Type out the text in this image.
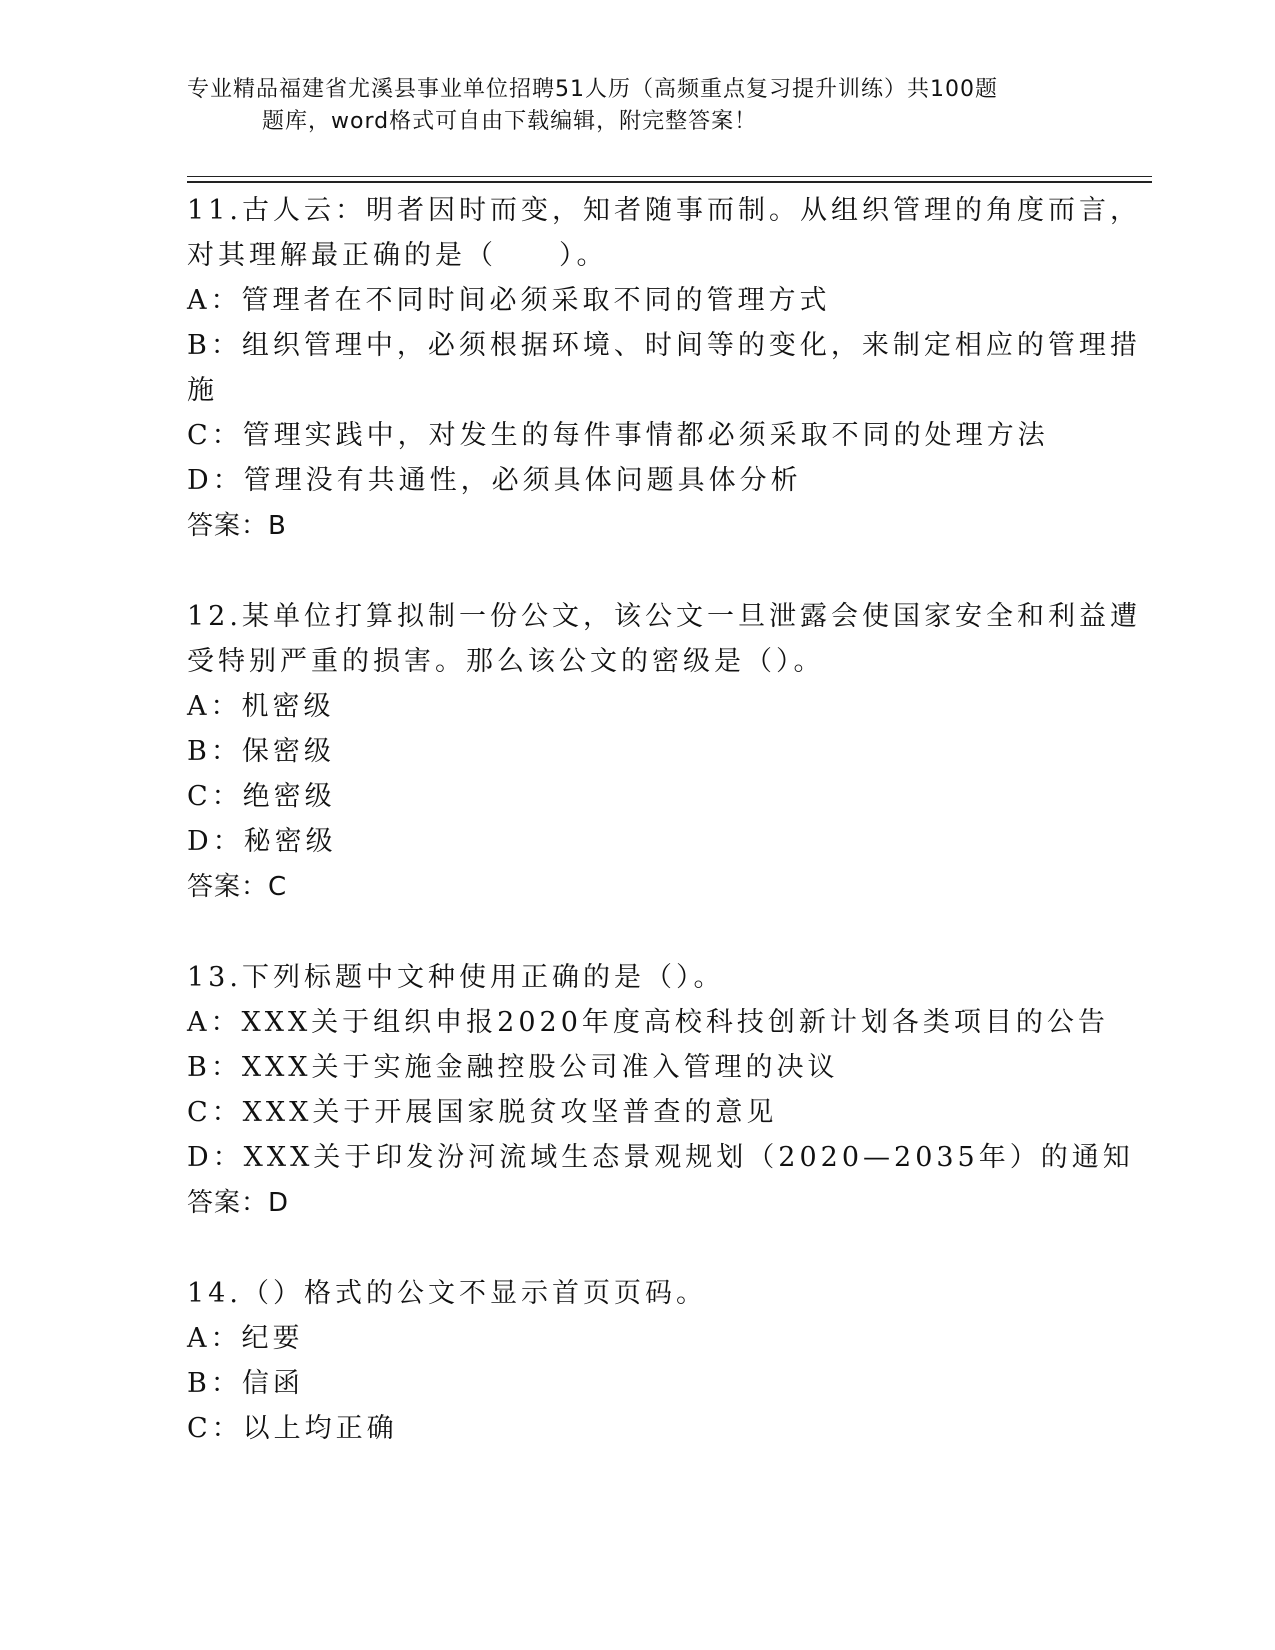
专业精品福建省尤溪县事业单位招聘51人历（高频重点复习提升训练）共100题
题库，word格式可自由下载编辑，附完整答案！
11.古人云：明者因时而变，知者随事而制。从组织管理的角度而言，
对其理解最正确的是（　　）。
A：管理者在不同时间必须采取不同的管理方式
B：组织管理中，必须根据环境、时间等的变化，来制定相应的管理措
施
C：管理实践中，对发生的每件事情都必须采取不同的处理方法
D：管理没有共通性，必须具体问题具体分析
答案：B
12.某单位打算拟制一份公文，该公文一旦泄露会使国家安全和利益遭
受特别严重的损害。那么该公文的密级是（）。
A：机密级
B：保密级
C：绝密级
D：秘密级
答案：C
13.下列标题中文种使用正确的是（）。
A：XXX关于组织申报2020年度高校科技创新计划各类项目的公告
B：XXX关于实施金融控股公司准入管理的决议
C：XXX关于开展国家脱贫攻坚普查的意见
D：XXX关于印发汾河流域生态景观规划（2020—2035年）的通知
答案：D
14.（）格式的公文不显示首页页码。
A：纪要
B：信函
C：以上均正确
